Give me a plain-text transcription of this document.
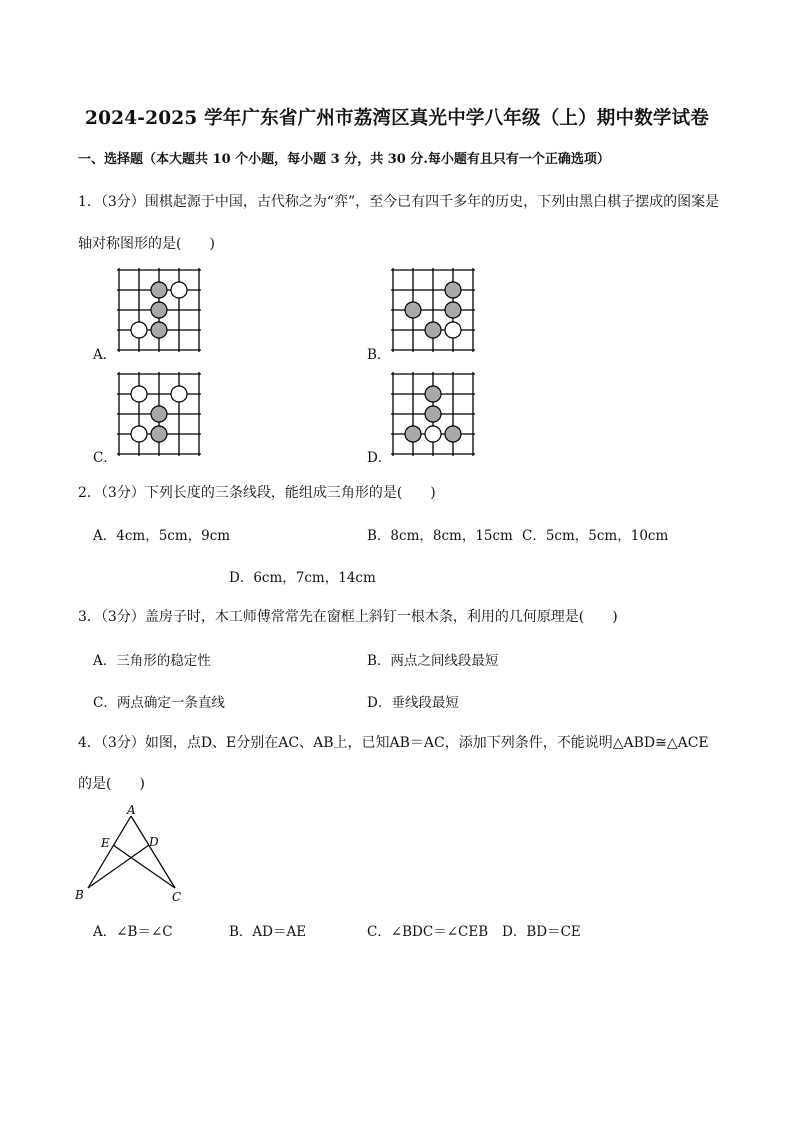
2024-2025 学年广东省广州市荔湾区真光中学八年级（上）期中数学试卷
一、选择题（本大题共 10 个小题，每小题 3 分，共 30 分.每小题有且只有一个正确选项）
1．（3分）围棋起源于中国，古代称之为“弈”，至今已有四千多年的历史，下列由黑白棋子摆成的图案是
轴对称图形的是(　　)
A．	B．
C．	D．
2．（3分）下列长度的三条线段，能组成三角形的是(　　)
A．4cm，5cm，9cm	B．8cm，8cm，15cm C．5cm，5cm，10cm
D．6cm，7cm，14cm
3．（3分）盖房子时，木工师傅常常先在窗框上斜钉一根木条，利用的几何原理是(　　)
A．三角形的稳定性	B．两点之间线段最短
C．两点确定一条直线	D．垂线段最短
4．（3分）如图，点D、E分别在AC、AB上，已知AB＝AC，添加下列条件，不能说明△ABD≅△ACE
的是(　　)
A
B	C
D
E
A．∠B＝∠C	B．AD＝AE	C．∠BDC＝∠CEB D．BD＝CE
